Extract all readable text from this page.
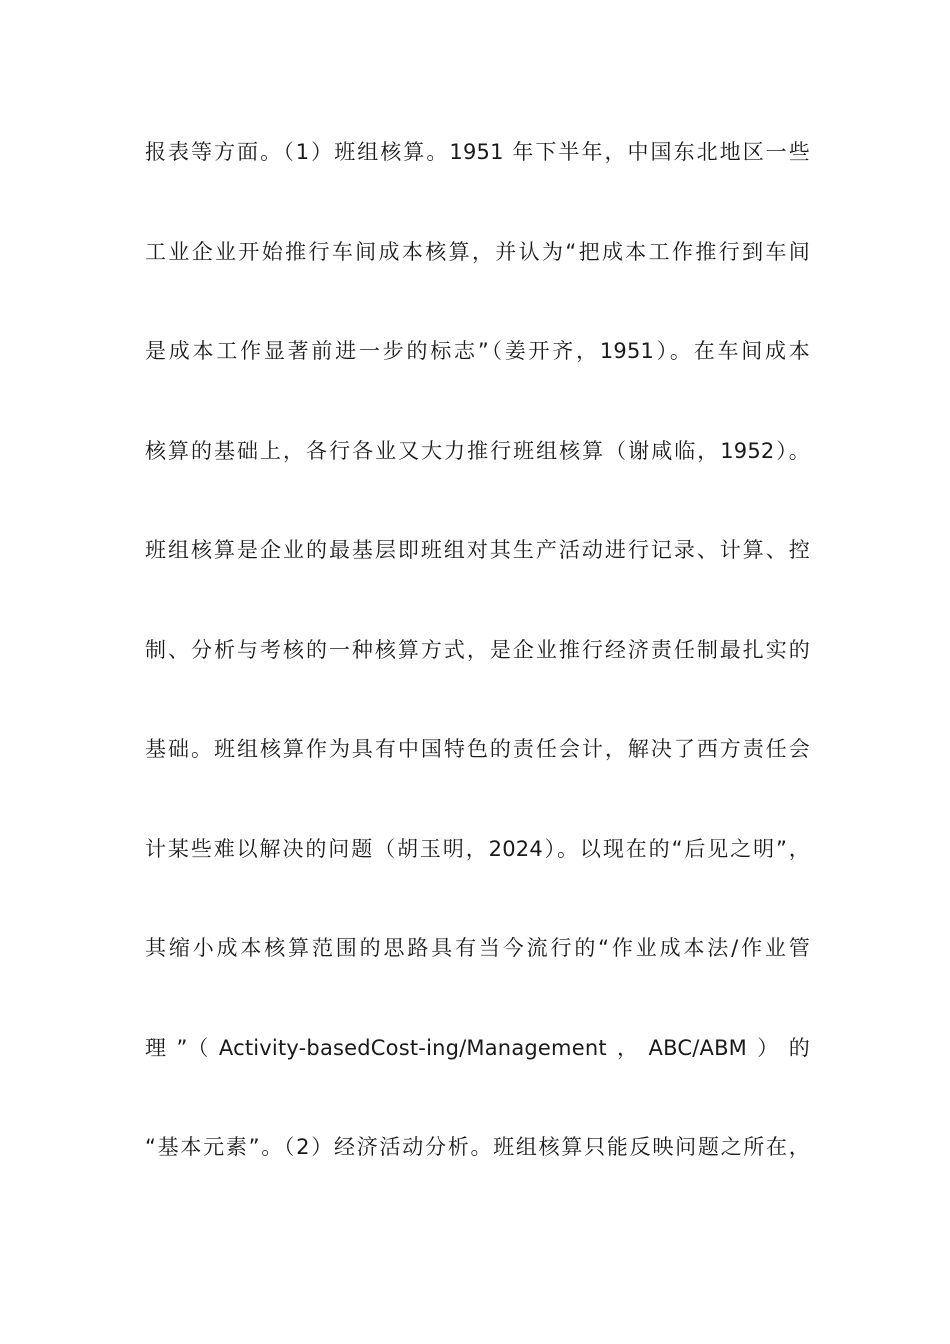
报表等方面。（1）班组核算。1951 年下半年，中国东北地区一些
工业企业开始推行车间成本核算，并认为“把成本工作推行到车间
是成本工作显著前进一步的标志”（姜开齐，1951）。在车间成本
核算的基础上，各行各业又大力推行班组核算（谢咸临，1952）。
班组核算是企业的最基层即班组对其生产活动进行记录、计算、控
制、分析与考核的一种核算方式，是企业推行经济责任制最扎实的
基础。班组核算作为具有中国特色的责任会计，解决了西方责任会
计某些难以解决的问题（胡玉明，2024）。以现在的“后见之明”，
其缩小成本核算范围的思路具有当今流行的“作业成本法/作业管
理”（Activity-basedCost-ing/Management，ABC/ABM）的
“基本元素”。（2）经济活动分析。班组核算只能反映问题之所在，
